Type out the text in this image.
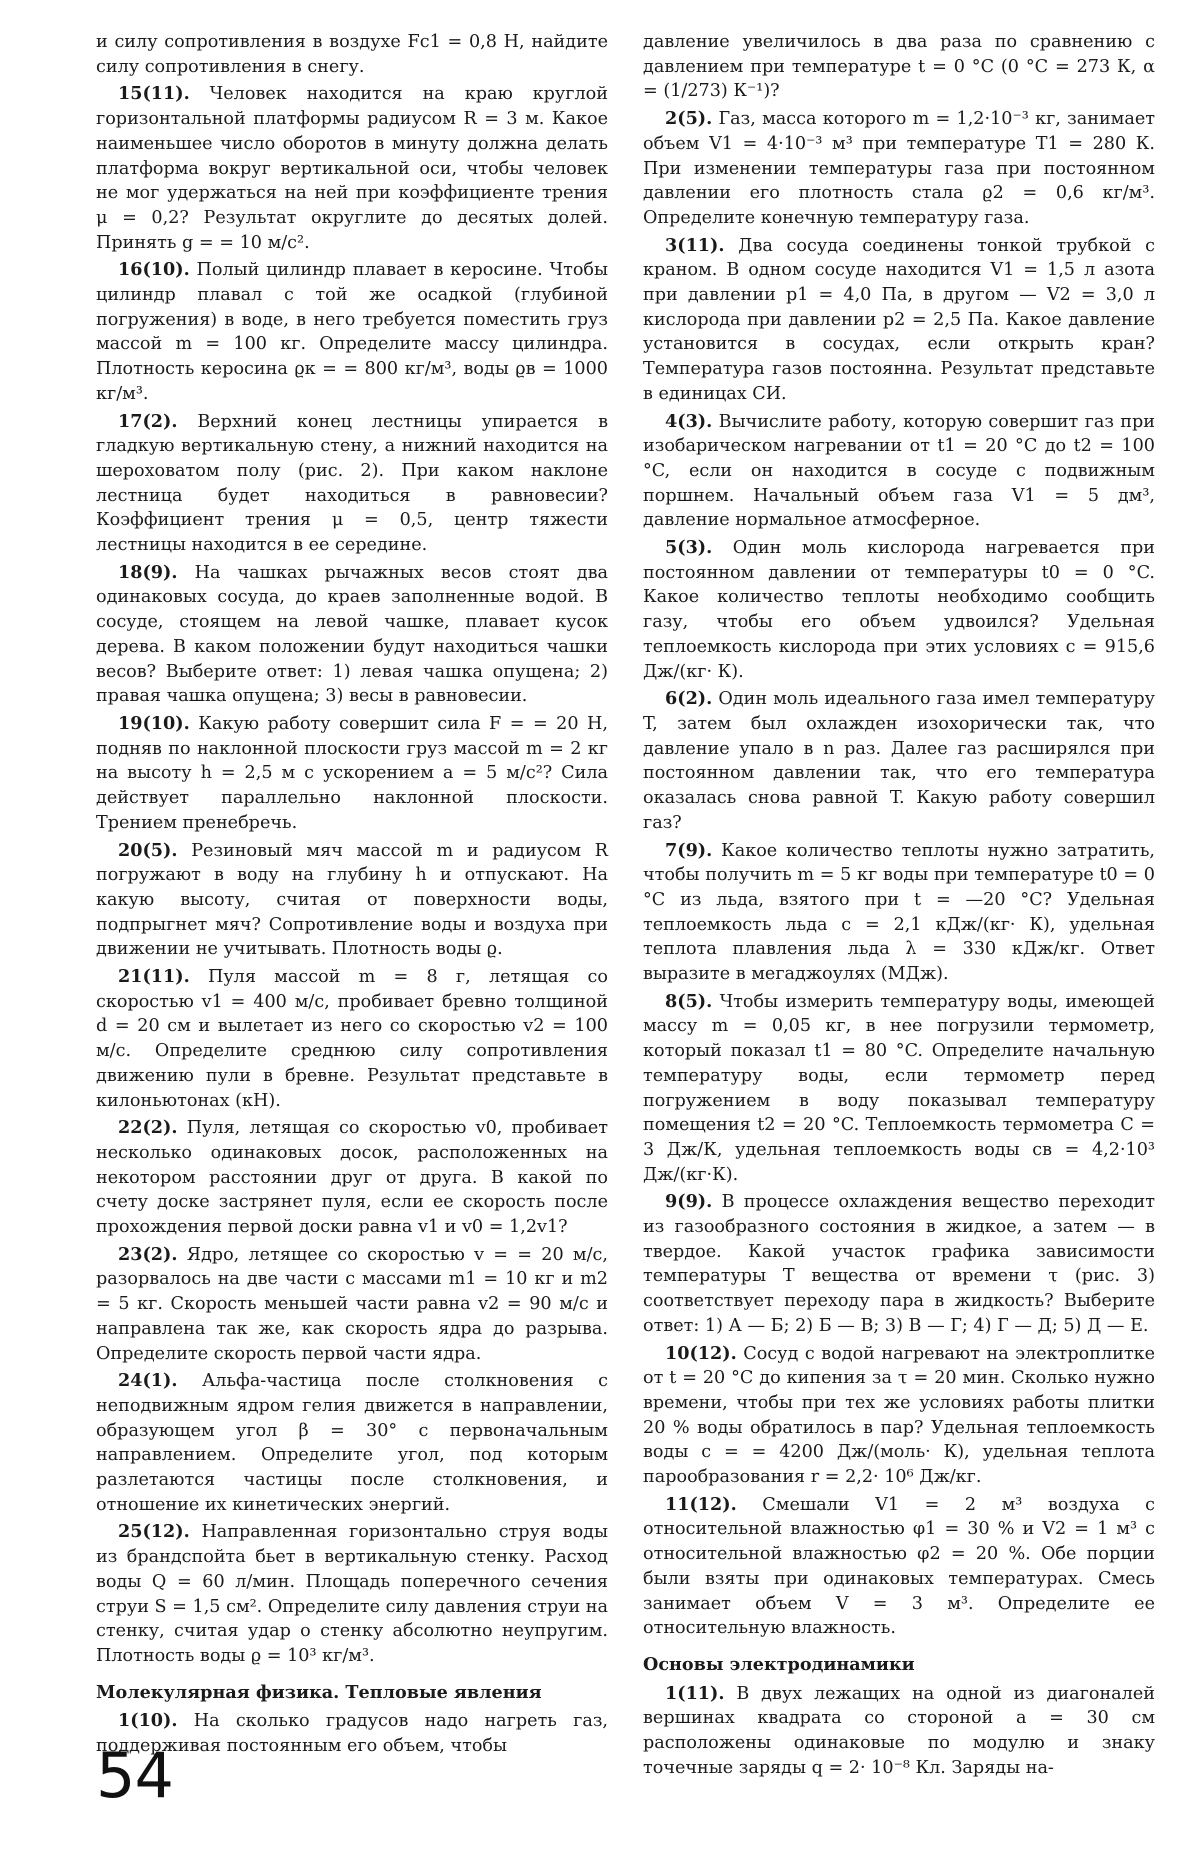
и силу сопротивления в воздухе Fc1 = 0,8 Н, найдите силу сопротивления в снегу.

15(11). Человек находится на краю круглой горизонтальной платформы радиусом R = 3 м. Какое наименьшее число оборотов в минуту должна делать платформа вокруг вертикальной оси, чтобы человек не мог удержаться на ней при коэффициенте трения μ = 0,2? Результат округлите до десятых долей. Принять g = = 10 м/с².

16(10). Полый цилиндр плавает в керосине. Чтобы цилиндр плавал с той же осадкой (глубиной погружения) в воде, в него требуется поместить груз массой m = 100 кг. Определите массу цилиндра. Плотность керосина ϱк = = 800 кг/м³, воды ϱв = 1000 кг/м³.

17(2). Верхний конец лестницы упирается в гладкую вертикальную стену, а нижний находится на шероховатом полу (рис. 2). При каком наклоне лестница будет находиться в равновесии? Коэффициент трения μ = 0,5, центр тяжести лестницы находится в ее середине.

18(9). На чашках рычажных весов стоят два одинаковых сосуда, до краев заполненные водой. В сосуде, стоящем на левой чашке, плавает кусок дерева. В каком положении будут находиться чашки весов? Выберите ответ: 1) левая чашка опущена; 2) правая чашка опущена; 3) весы в равновесии.

19(10). Какую работу совершит сила F = = 20 Н, подняв по наклонной плоскости груз массой m = 2 кг на высоту h = 2,5 м с ускорением a = 5 м/с²? Сила действует параллельно наклонной плоскости. Трением пренебречь.

20(5). Резиновый мяч массой m и радиусом R погружают в воду на глубину h и отпускают. На какую высоту, считая от поверхности воды, подпрыгнет мяч? Сопротивление воды и воздуха при движении не учитывать. Плотность воды ϱ.

21(11). Пуля массой m = 8 г, летящая со скоростью v1 = 400 м/с, пробивает бревно толщиной d = 20 см и вылетает из него со скоростью v2 = 100 м/с. Определите среднюю силу сопротивления движению пули в бревне. Результат представьте в килоньютонах (кН).

22(2). Пуля, летящая со скоростью v0, пробивает несколько одинаковых досок, расположенных на некотором расстоянии друг от друга. В какой по счету доске застрянет пуля, если ее скорость после прохождения первой доски равна v1 и v0 = 1,2v1?

23(2). Ядро, летящее со скоростью v = = 20 м/с, разорвалось на две части с массами m1 = 10 кг и m2 = 5 кг. Скорость меньшей части равна v2 = 90 м/с и направлена так же, как скорость ядра до разрыва. Определите скорость первой части ядра.

24(1). Альфа-частица после столкновения с неподвижным ядром гелия движется в направлении, образующем угол β = 30° с первоначальным направлением. Определите угол, под которым разлетаются частицы после столкновения, и отношение их кинетических энергий.

25(12). Направленная горизонтально струя воды из брандспойта бьет в вертикальную стенку. Расход воды Q = 60 л/мин. Площадь поперечного сечения струи S = 1,5 см². Определите силу давления струи на стенку, считая удар о стенку абсолютно неупругим. Плотность воды ϱ = 10³ кг/м³.

Молекулярная физика. Тепловые явления

1(10). На сколько градусов надо нагреть газ, поддерживая постоянным его объем, чтобы

давление увеличилось в два раза по сравнению с давлением при температуре t = 0 °C (0 °C = 273 К, α = (1/273) К⁻¹)?

2(5). Газ, масса которого m = 1,2·10⁻³ кг, занимает объем V1 = 4·10⁻³ м³ при температуре T1 = 280 К. При изменении температуры газа при постоянном давлении его плотность стала ϱ2 = 0,6 кг/м³. Определите конечную температуру газа.

3(11). Два сосуда соединены тонкой трубкой с краном. В одном сосуде находится V1 = 1,5 л азота при давлении p1 = 4,0 Па, в другом — V2 = 3,0 л кислорода при давлении p2 = 2,5 Па. Какое давление установится в сосудах, если открыть кран? Температура газов постоянна. Результат представьте в единицах СИ.

4(3). Вычислите работу, которую совершит газ при изобарическом нагревании от t1 = 20 °C до t2 = 100 °C, если он находится в сосуде с подвижным поршнем. Начальный объем газа V1 = 5 дм³, давление нормальное атмосферное.

5(3). Один моль кислорода нагревается при постоянном давлении от температуры t0 = 0 °C. Какое количество теплоты необходимо сообщить газу, чтобы его объем удвоился? Удельная теплоемкость кислорода при этих условиях c = 915,6 Дж/(кг· К).

6(2). Один моль идеального газа имел температуру T, затем был охлажден изохорически так, что давление упало в n раз. Далее газ расширялся при постоянном давлении так, что его температура оказалась снова равной T. Какую работу совершил газ?

7(9). Какое количество теплоты нужно затратить, чтобы получить m = 5 кг воды при температуре t0 = 0 °C из льда, взятого при t = —20 °C? Удельная теплоемкость льда c = 2,1 кДж/(кг· К), удельная теплота плавления льда λ = 330 кДж/кг. Ответ выразите в мегаджоулях (МДж).

8(5). Чтобы измерить температуру воды, имеющей массу m = 0,05 кг, в нее погрузили термометр, который показал t1 = 80 °C. Определите начальную температуру воды, если термометр перед погружением в воду показывал температуру помещения t2 = 20 °C. Теплоемкость термометра C = 3 Дж/К, удельная теплоемкость воды cв = 4,2·10³ Дж/(кг·К).

9(9). В процессе охлаждения вещество переходит из газообразного состояния в жидкое, а затем — в твердое. Какой участок графика зависимости температуры T вещества от времени τ (рис. 3) соответствует переходу пара в жидкость? Выберите ответ: 1) А — Б; 2) Б — В; 3) В — Г; 4) Г — Д; 5) Д — Е.

10(12). Сосуд с водой нагревают на электроплитке от t = 20 °C до кипения за τ = 20 мин. Сколько нужно времени, чтобы при тех же условиях работы плитки 20 % воды обратилось в пар? Удельная теплоемкость воды c = = 4200 Дж/(моль· К), удельная теплота парообразования r = 2,2· 10⁶ Дж/кг.

11(12). Смешали V1 = 2 м³ воздуха с относительной влажностью φ1 = 30 % и V2 = 1 м³ с относительной влажностью φ2 = 20 %. Обе порции были взяты при одинаковых температурах. Смесь занимает объем V = 3 м³. Определите ее относительную влажность.

Основы электродинамики

1(11). В двух лежащих на одной из диагоналей вершинах квадрата со стороной a = 30 см расположены одинаковые по модулю и знаку точечные заряды q = 2· 10⁻⁸ Кл. Заряды на-

54
